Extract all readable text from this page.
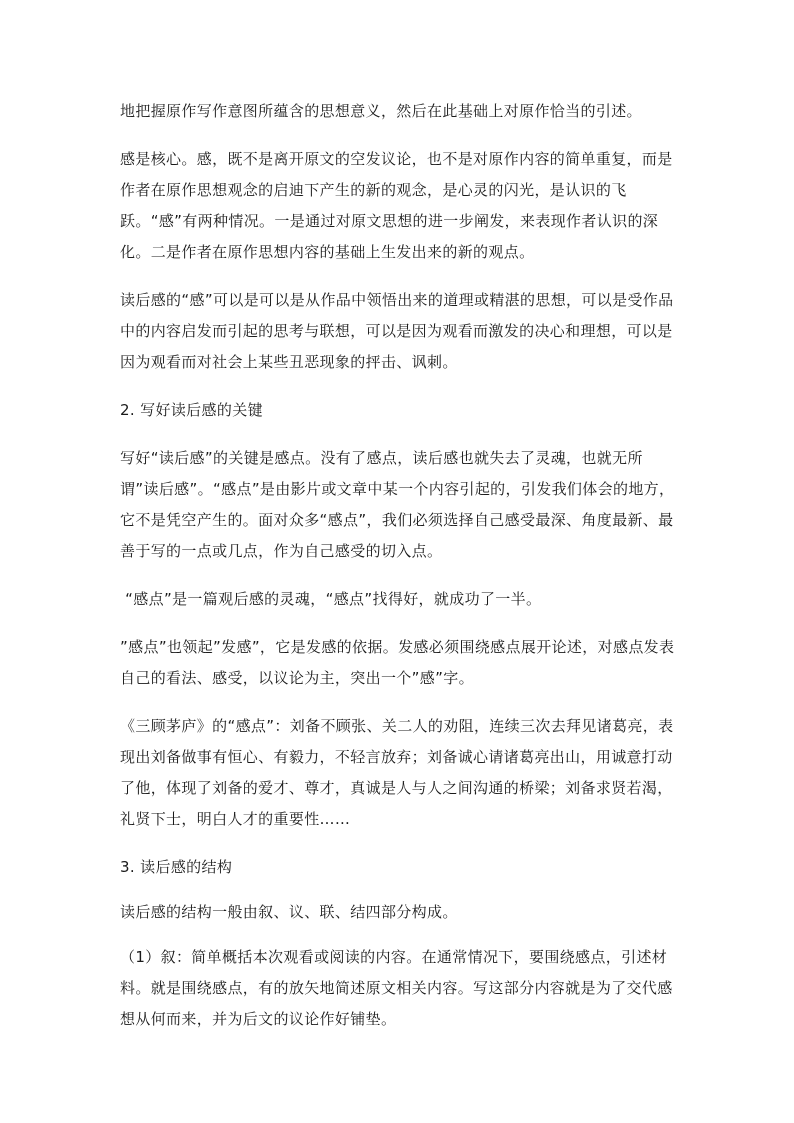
地把握原作写作意图所蕴含的思想意义，然后在此基础上对原作恰当的引述。

感是核心。感，既不是离开原文的空发议论，也不是对原作内容的简单重复，而是作者在原作思想观念的启迪下产生的新的观念，是心灵的闪光，是认识的飞跃。“感”有两种情况。一是通过对原文思想的进一步阐发，来表现作者认识的深化。二是作者在原作思想内容的基础上生发出来的新的观点。

读后感的“感”可以是可以是从作品中领悟出来的道理或精湛的思想，可以是受作品中的内容启发而引起的思考与联想，可以是因为观看而激发的决心和理想，可以是因为观看而对社会上某些丑恶现象的抨击、讽刺。

2. 写好读后感的关键

写好“读后感”的关键是感点。没有了感点，读后感也就失去了灵魂，也就无所谓”读后感”。“感点”是由影片或文章中某一个内容引起的，引发我们体会的地方，它不是凭空产生的。面对众多“感点”，我们必须选择自己感受最深、角度最新、最善于写的一点或几点，作为自己感受的切入点。

“感点”是一篇观后感的灵魂，“感点”找得好，就成功了一半。

”感点”也领起”发感”，它是发感的依据。发感必须围绕感点展开论述，对感点发表自己的看法、感受，以议论为主，突出一个”感”字。

《三顾茅庐》的“感点”：刘备不顾张、关二人的劝阻，连续三次去拜见诸葛亮，表现出刘备做事有恒心、有毅力，不轻言放弃；刘备诚心请诸葛亮出山，用诚意打动了他，体现了刘备的爱才、尊才，真诚是人与人之间沟通的桥梁；刘备求贤若渴，礼贤下士，明白人才的重要性……

3. 读后感的结构

读后感的结构一般由叙、议、联、结四部分构成。

（1）叙：简单概括本次观看或阅读的内容。在通常情况下，要围绕感点，引述材料。就是围绕感点，有的放矢地简述原文相关内容。写这部分内容就是为了交代感想从何而来，并为后文的议论作好铺垫。
